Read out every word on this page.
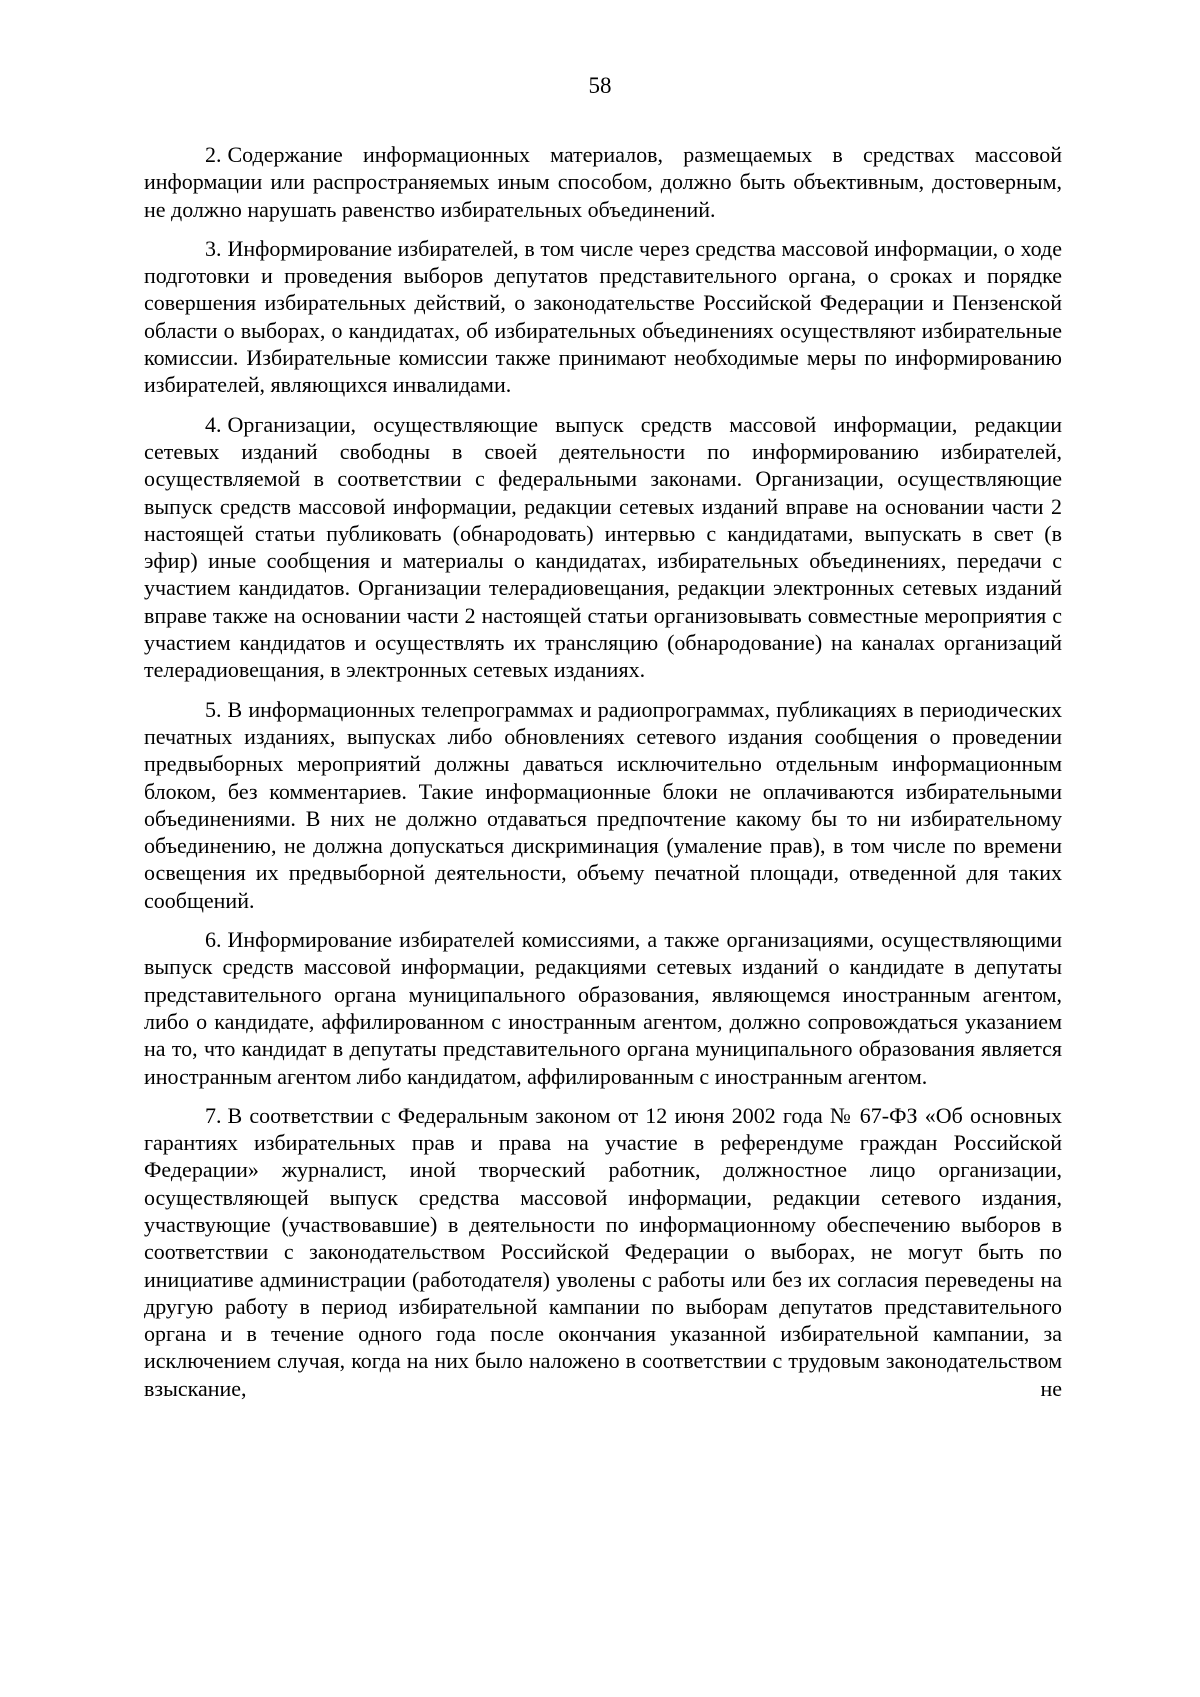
58

2. Содержание информационных материалов, размещаемых в средствах массовой информации или распространяемых иным способом, должно быть объективным, достоверным, не должно нарушать равенство избирательных объединений.

3. Информирование избирателей, в том числе через средства массовой информации, о ходе подготовки и проведения выборов депутатов представительного органа, о сроках и порядке совершения избирательных действий, о законодательстве Российской Федерации и Пензенской области о выборах, о кандидатах, об избирательных объединениях осуществляют избирательные комиссии. Избирательные комиссии также принимают необходимые меры по информированию избирателей, являющихся инвалидами.

4. Организации, осуществляющие выпуск средств массовой информации, редакции сетевых изданий свободны в своей деятельности по информированию избирателей, осуществляемой в соответствии с федеральными законами. Организации, осуществляющие выпуск средств массовой информации, редакции сетевых изданий вправе на основании части 2 настоящей статьи публиковать (обнародовать) интервью с кандидатами, выпускать в свет (в эфир) иные сообщения и материалы о кандидатах, избирательных объединениях, передачи с участием кандидатов. Организации телерадиовещания, редакции электронных сетевых изданий вправе также на основании части 2 настоящей статьи организовывать совместные мероприятия с участием кандидатов и осуществлять их трансляцию (обнародование) на каналах организаций телерадиовещания, в электронных сетевых изданиях.

5. В информационных телепрограммах и радиопрограммах, публикациях в периодических печатных изданиях, выпусках либо обновлениях сетевого издания сообщения о проведении предвыборных мероприятий должны даваться исключительно отдельным информационным блоком, без комментариев. Такие информационные блоки не оплачиваются избирательными объединениями. В них не должно отдаваться предпочтение какому бы то ни избирательному объединению, не должна допускаться дискриминация (умаление прав), в том числе по времени освещения их предвыборной деятельности, объему печатной площади, отведенной для таких сообщений.

6. Информирование избирателей комиссиями, а также организациями, осуществляющими выпуск средств массовой информации, редакциями сетевых изданий о кандидате в депутаты представительного органа муниципального образования, являющемся иностранным агентом, либо о кандидате, аффилированном с иностранным агентом, должно сопровождаться указанием на то, что кандидат в депутаты представительного органа муниципального образования является иностранным агентом либо кандидатом, аффилированным с иностранным агентом.

7. В соответствии с Федеральным законом от 12 июня 2002 года № 67-ФЗ «Об основных гарантиях избирательных прав и права на участие в референдуме граждан Российской Федерации» журналист, иной творческий работник, должностное лицо организации, осуществляющей выпуск средства массовой информации, редакции сетевого издания, участвующие (участвовавшие) в деятельности по информационному обеспечению выборов в соответствии с законодательством Российской Федерации о выборах, не могут быть по инициативе администрации (работодателя) уволены с работы или без их согласия переведены на другую работу в период избирательной кампании по выборам депутатов представительного органа и в течение одного года после окончания указанной избирательной кампании, за исключением случая, когда на них было наложено в соответствии с трудовым законодательством взыскание, не
